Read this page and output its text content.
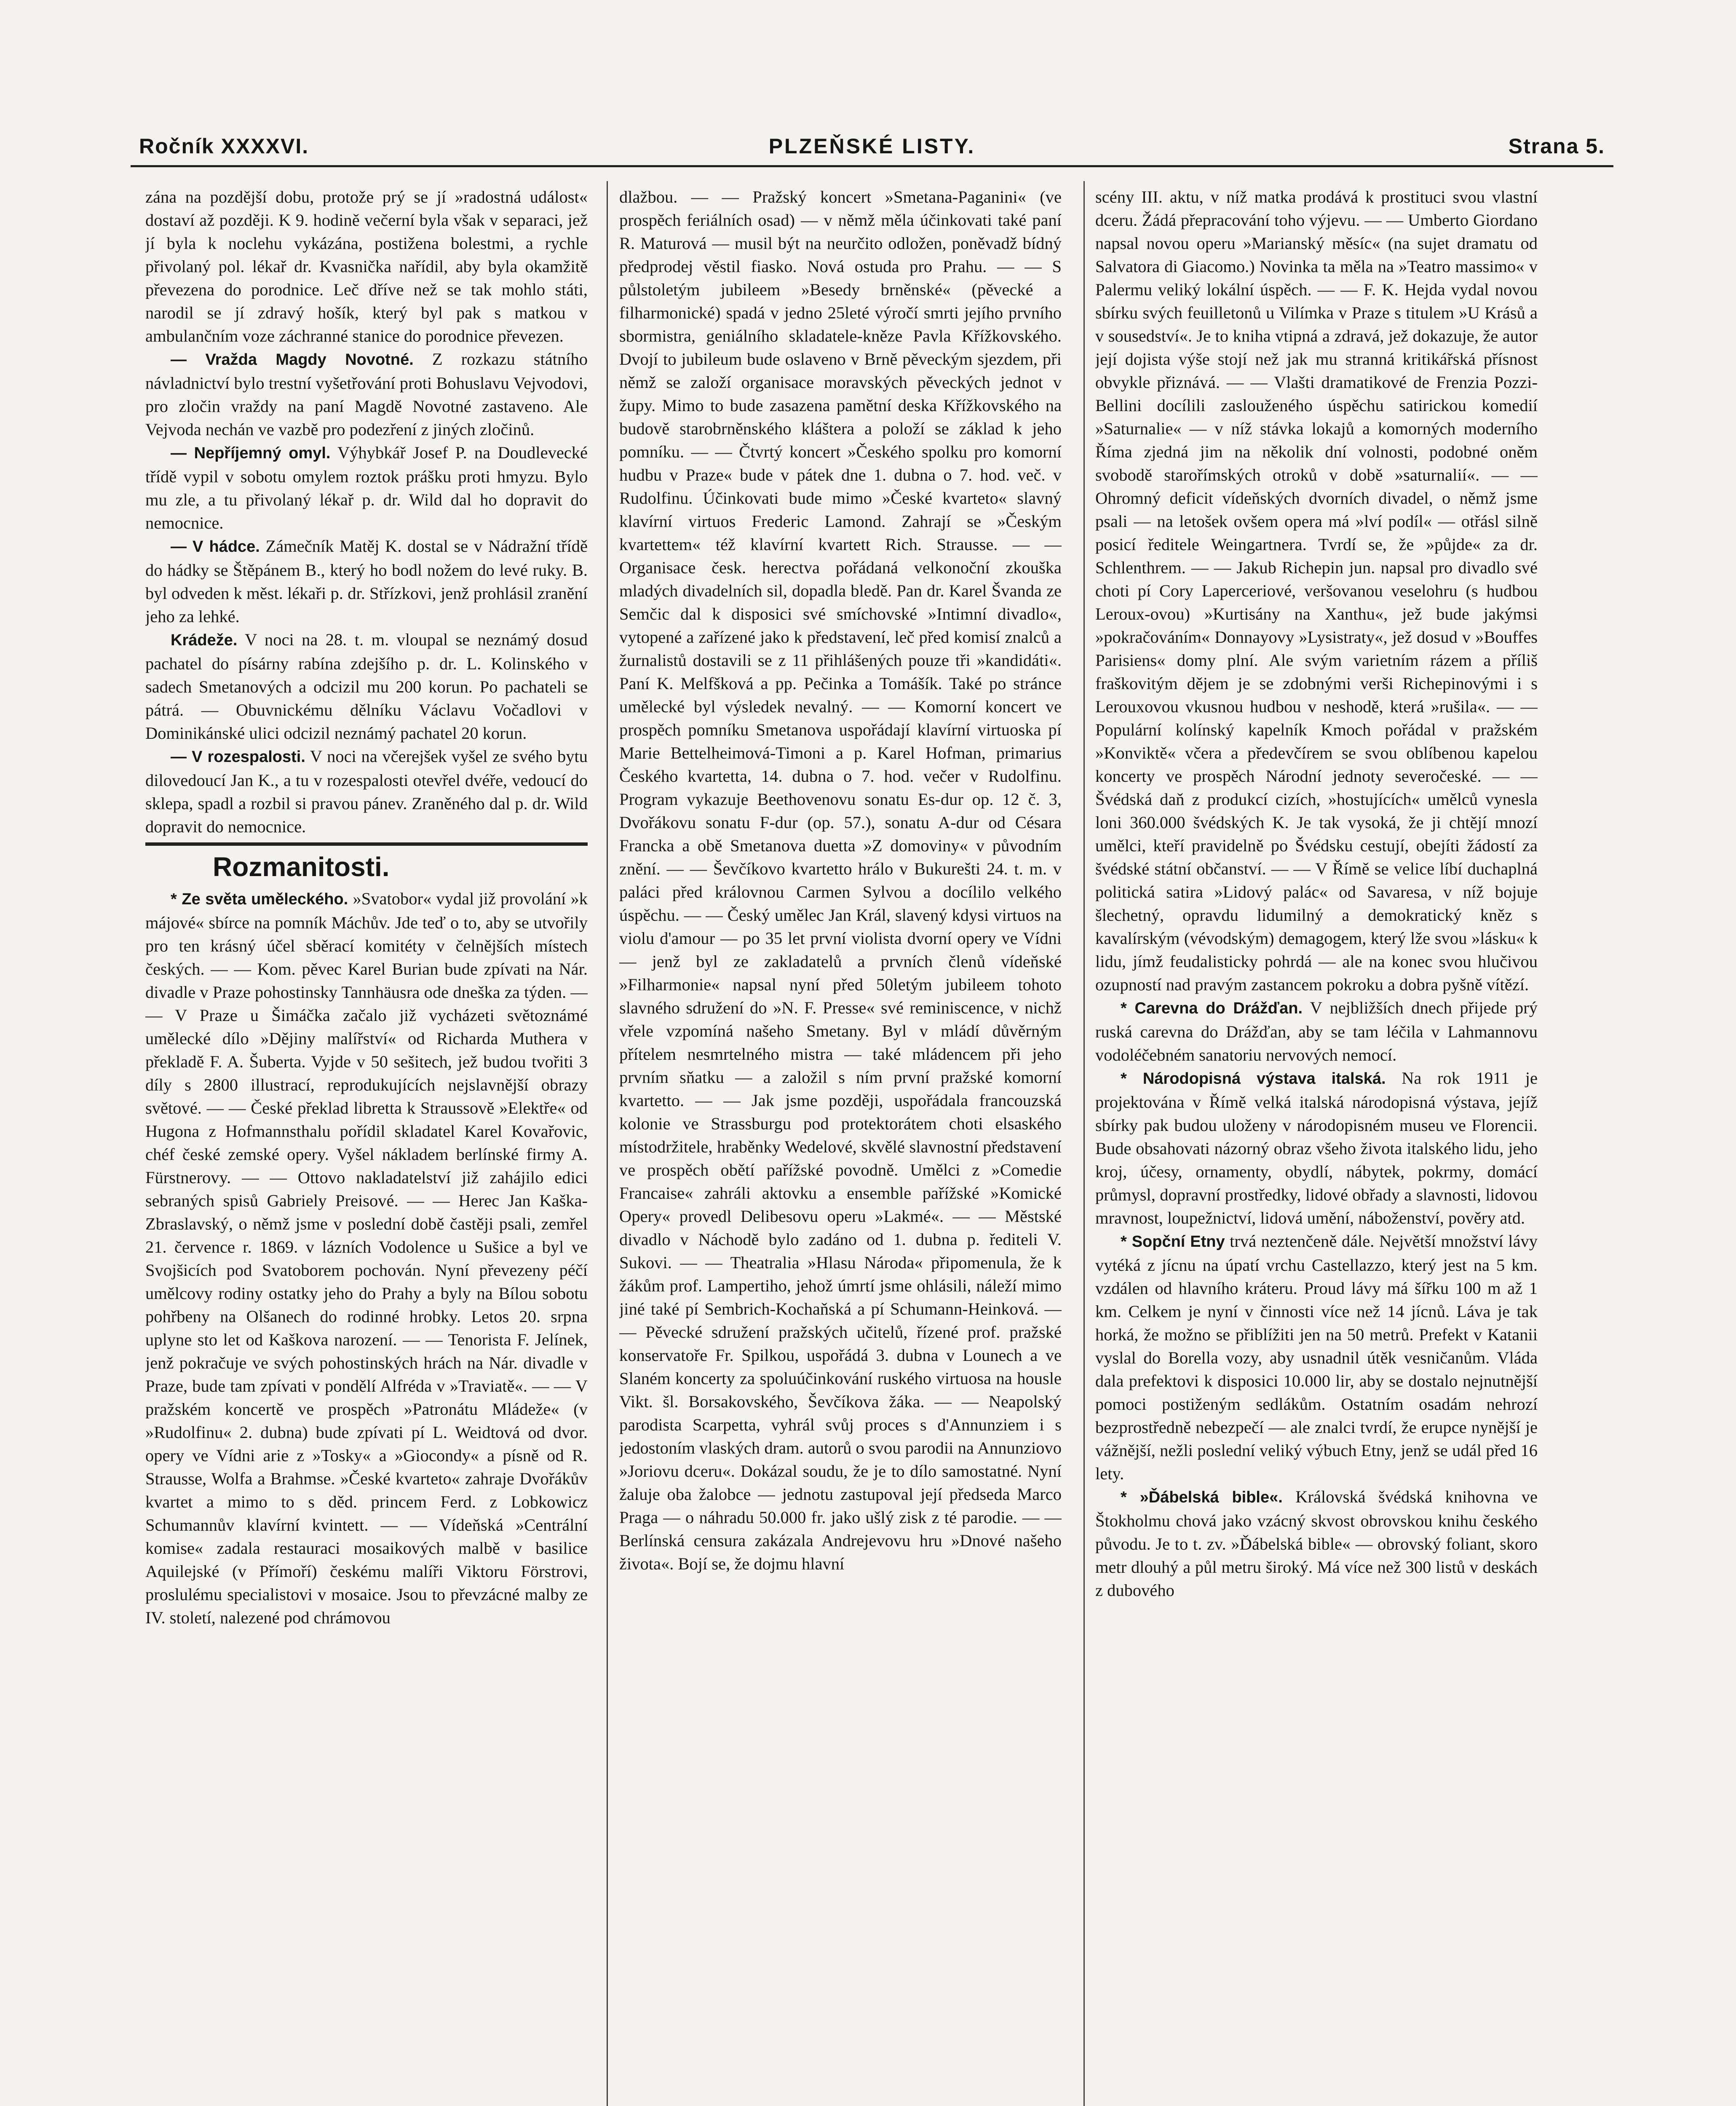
Ročník XXXXVI.	PLZEŇSKÉ LISTY.	Strana 5.

zána na pozdější dobu, protože prý se jí »radostná událost« dostaví až později. K 9. hodině večerní byla však v separaci, jež jí byla k noclehu vykázána, postižena bolestmi, a rychle přivolaný pol. lékař dr. Kvasnička nařídil, aby byla okamžitě převezena do porodnice. Leč dříve než se tak mohlo státi, narodil se jí zdravý hošík, který byl pak s matkou v ambulančním voze záchranné stanice do porodnice převezen.

— Vražda Magdy Novotné. Z rozkazu státního návladnictví bylo trestní vyšetřování proti Bohuslavu Vejvodovi, pro zločin vraždy na paní Magdě Novotné zastaveno. Ale Vejvoda nechán ve vazbě pro podezření z jiných zločinů.

— Nepříjemný omyl. Výhybkář Josef P. na Doudlevecké třídě vypil v sobotu omylem roztok prášku proti hmyzu. Bylo mu zle, a tu přivolaný lékař p. dr. Wild dal ho dopravit do nemocnice.

— V hádce. Zámečník Matěj K. dostal se v Nádražní třídě do hádky se Štěpánem B., který ho bodl nožem do levé ruky. B. byl odveden k měst. lékaři p. dr. Střízkovi, jenž prohlásil zranění jeho za lehké.

Krádeže. V noci na 28. t. m. vloupal se neznámý dosud pachatel do písárny rabína zdejšího p. dr. L. Kolinského v sadech Smetanových a odcizil mu 200 korun. Po pachateli se pátrá. — Obuvnickému dělníku Václavu Vočadlovi v Dominikánské ulici odcizil neznámý pachatel 20 korun.

— V rozespalosti. V noci na včerejšek vyšel ze svého bytu dilovedoucí Jan K., a tu v rozespalosti otevřel dvéře, vedoucí do sklepa, spadl a rozbil si pravou pánev. Zraněného dal p. dr. Wild dopravit do nemocnice.

Rozmanitosti.

* Ze světa uměleckého. »Svatobor« vydal již provolání »k májové« sbírce na pomník Máchův. Jde teď o to, aby se utvořily pro ten krásný účel sběrací komitéty v čelnějších místech českých. — — Kom. pěvec Karel Burian bude zpívati na Nár. divadle v Praze pohostinsky Tannhäusra ode dneška za týden. — — V Praze u Šimáčka začalo již vycházeti světoznámé umělecké dílo »Dějiny malířství« od Richarda Muthera v překladě F. A. Šuberta. Vyjde v 50 sešitech, jež budou tvořiti 3 díly s 2800 illustrací, reprodukujících nejslavnější obrazy světové. — — České překlad libretta k Straussově »Elektře« od Hugona z Hofmannsthalu pořídil skladatel Karel Kovařovic, chéf české zemské opery. Vyšel nákladem berlínské firmy A. Fürstnerovy. — — Ottovo nakladatelství již zahájilo edici sebraných spisů Gabriely Preisové. — — Herec Jan Kaška-Zbraslavský, o němž jsme v poslední době častěji psali, zemřel 21. července r. 1869. v lázních Vodolence u Sušice a byl ve Svojšicích pod Svatoborem pochován. Nyní převezeny péčí umělcovy rodiny ostatky jeho do Prahy a byly na Bílou sobotu pohřbeny na Olšanech do rodinné hrobky. Letos 20. srpna uplyne sto let od Kaškova narození. — — Tenorista F. Jelínek, jenž pokračuje ve svých pohostinských hrách na Nár. divadle v Praze, bude tam zpívati v pondělí Alfréda v »Traviatě«. — — V pražském koncertě ve prospěch »Patronátu Mládeže« (v »Rudolfinu« 2. dubna) bude zpívati pí L. Weidtová od dvor. opery ve Vídni arie z »Tosky« a »Giocondy« a písně od R. Strausse, Wolfa a Brahmse. »České kvarteto« zahraje Dvořákův kvartet a mimo to s děd. princem Ferd. z Lobkowicz Schumannův klavírní kvintett. — — Vídeňská »Centrální komise« zadala restauraci mosaikových malbě v basilice Aquilejské (v Přímoří) českému malíři Viktoru Förstrovi, proslulému specialistovi v mosaice. Jsou to převzácné malby ze IV. století, nalezené pod chrámovou

dlažbou. — — Pražský koncert »Smetana-Paganini« (ve prospěch feriálních osad) — v němž měla účinkovati také paní R. Maturová — musil být na neurčito odložen, poněvadž bídný předprodej věstil fiasko. Nová ostuda pro Prahu. — — S půlstoletým jubileem »Besedy brněnské« (pěvecké a filharmonické) spadá v jedno 25leté výročí smrti jejího prvního sbormistra, geniálního skladatele-kněze Pavla Křížkovského. Dvojí to jubileum bude oslaveno v Brně pěveckým sjezdem, při němž se založí organisace moravských pěveckých jednot v župy. Mimo to bude zasazena pamětní deska Křížkovského na budově starobrněnského kláštera a položí se základ k jeho pomníku. — — Čtvrtý koncert »Českého spolku pro komorní hudbu v Praze« bude v pátek dne 1. dubna o 7. hod. več. v Rudolfinu. Účinkovati bude mimo »České kvarteto« slavný klavírní virtuos Frederic Lamond. Zahrají se »Českým kvartettem« též klavírní kvartett Rich. Strausse. — — Organisace česk. herectva pořádaná velkonoční zkouška mladých divadelních sil, dopadla bledě. Pan dr. Karel Švanda ze Semčic dal k disposici své smíchovské »Intimní divadlo«, vytopené a zařízené jako k představení, leč před komisí znalců a žurnalistů dostavili se z 11 přihlášených pouze tři »kandidáti«. Paní K. Melfšková a pp. Pečinka a Tomášík. Také po stránce umělecké byl výsledek nevalný. — — Komorní koncert ve prospěch pomníku Smetanova uspořádají klavírní virtuoska pí Marie Bettelheimová-Timoni a p. Karel Hofman, primarius Českého kvartetta, 14. dubna o 7. hod. večer v Rudolfinu. Program vykazuje Beethovenovu sonatu Es-dur op. 12 č. 3, Dvořákovu sonatu F-dur (op. 57.), sonatu A-dur od Césara Francka a obě Smetanova duetta »Z domoviny« v původním znění. — — Ševčíkovo kvartetto hrálo v Bukurešti 24. t. m. v paláci před královnou Carmen Sylvou a docílilo velkého úspěchu. — — Český umělec Jan Král, slavený kdysi virtuos na violu d'amour — po 35 let první violista dvorní opery ve Vídni — jenž byl ze zakladatelů a prvních členů vídeňské »Filharmonie« napsal nyní před 50letým jubileem tohoto slavného sdružení do »N. F. Presse« své reminiscence, v nichž vřele vzpomíná našeho Smetany. Byl v mládí důvěrným přítelem nesmrtelného mistra — také mládencem při jeho prvním sňatku — a založil s ním první pražské komorní kvartetto. — — Jak jsme později, uspořádala francouzská kolonie ve Strassburgu pod protektorátem choti elsaského místodržitele, hraběnky Wedelové, skvělé slavnostní představení ve prospěch obětí pařížské povodně. Umělci z »Comedie Francaise« zahráli aktovku a ensemble pařížské »Komické Opery« provedl Delibesovu operu »Lakmé«. — — Městské divadlo v Náchodě bylo zadáno od 1. dubna p. řediteli V. Sukovi. — — Theatralia »Hlasu Národa« připomenula, že k žákům prof. Lampertiho, jehož úmrtí jsme ohlásili, náleží mimo jiné také pí Sembrich-Kochaňská a pí Schumann-Heinková. — — Pěvecké sdružení pražských učitelů, řízené prof. pražské konservatoře Fr. Spilkou, uspořádá 3. dubna v Lounech a ve Slaném koncerty za spoluúčinkování ruského virtuosa na housle Vikt. šl. Borsakovského, Ševčíkova žáka. — — Neapolský parodista Scarpetta, vyhrál svůj proces s d'Annunziem i s jedostoním vlaských dram. autorů o svou parodii na Annunziovo »Joriovu dceru«. Dokázal soudu, že je to dílo samostatné. Nyní žaluje oba žalobce — jednotu zastupoval její předseda Marco Praga — o náhradu 50.000 fr. jako ušlý zisk z té parodie. — — Berlínská censura zakázala Andrejevovu hru »Dnové našeho života«. Bojí se, že dojmu hlavní

scény III. aktu, v níž matka prodává k prostituci svou vlastní dceru. Žádá přepracování toho výjevu. — — Umberto Giordano napsal novou operu »Marianský měsíc« (na sujet dramatu od Salvatora di Giacomo.) Novinka ta měla na »Teatro massimo« v Palermu veliký lokální úspěch. — — F. K. Hejda vydal novou sbírku svých feuilletonů u Vilímka v Praze s titulem »U Krásů a v sousedství«. Je to kniha vtipná a zdravá, jež dokazuje, že autor její dojista výše stojí než jak mu stranná kritikářská přísnost obvykle přiznává. — — Vlašti dramatikové de Frenzia Pozzi-Bellini docílili zaslouženého úspěchu satirickou komedií »Saturnalie« — v níž stávka lokajů a komorných moderního Říma zjedná jim na několik dní volnosti, podobné oněm svobodě starořímských otroků v době »saturnalií«. — — Ohromný deficit vídeňských dvorních divadel, o němž jsme psali — na letošek ovšem opera má »lví podíl« — otřásl silně posicí ředitele Weingartnera. Tvrdí se, že »půjde« za dr. Schlenthrem. — — Jakub Richepin jun. napsal pro divadlo své choti pí Cory Laperceriové, veršovanou veselohru (s hudbou Leroux-ovou) »Kurtisány na Xanthu«, jež bude jakýmsi »pokračováním« Donnayovy »Lysistraty«, jež dosud v »Bouffes Parisiens« domy plní. Ale svým varietním rázem a příliš fraškovitým dějem je se zdobnými verši Richepinovými i s Lerouxovou vkusnou hudbou v neshodě, která »rušila«. — — Populární kolínský kapelník Kmoch pořádal v pražském »Konviktě« včera a předevčírem se svou oblíbenou kapelou koncerty ve prospěch Národní jednoty severočeské. — — Švédská daň z produkcí cizích, »hostujících« umělců vynesla loni 360.000 švédských K. Je tak vysoká, že ji chtějí mnozí umělci, kteří pravidelně po Švédsku cestují, obejíti žádostí za švédské státní občanství. — — V Římě se velice líbí duchaplná politická satira »Lidový palác« od Savaresa, v níž bojuje šlechetný, opravdu lidumilný a demokratický kněz s kavalírským (vévodským) demagogem, který lže svou »lásku« k lidu, jímž feudalisticky pohrdá — ale na konec svou hlučivou ozupností nad pravým zastancem pokroku a dobra pyšně vítězí.

* Carevna do Drážďan. V nejbližších dnech přijede prý ruská carevna do Drážďan, aby se tam léčila v Lahmannovu vodoléčebném sanatoriu nervových nemocí.

* Národopisná výstava italská. Na rok 1911 je projektována v Římě velká italská národopisná výstava, jejíž sbírky pak budou uloženy v národopisném museu ve Florencii. Bude obsahovati názorný obraz všeho života italského lidu, jeho kroj, účesy, ornamenty, obydlí, nábytek, pokrmy, domácí průmysl, dopravní prostředky, lidové obřady a slavnosti, lidovou mravnost, loupežnictví, lidová umění, náboženství, pověry atd.

* Sopční Etny trvá neztenčeně dále. Největší množství lávy vytéká z jícnu na úpatí vrchu Castellazzo, který jest na 5 km. vzdálen od hlavního kráteru. Proud lávy má šířku 100 m až 1 km. Celkem je nyní v činnosti více než 14 jícnů. Láva je tak horká, že možno se přiblížiti jen na 50 metrů. Prefekt v Katanii vyslal do Borella vozy, aby usnadnil útěk vesničanům. Vláda dala prefektovi k disposici 10.000 lir, aby se dostalo nejnutnější pomoci postiženým sedlákům. Ostatním osadám nehrozí bezprostředně nebezpečí — ale znalci tvrdí, že erupce nynější je vážnější, nežli poslední veliký výbuch Etny, jenž se udál před 16 lety.

* »Ďábelská bible«. Královská švédská knihovna ve Štokholmu chová jako vzácný skvost obrovskou knihu českého původu. Je to t. zv. »Ďábelská bible« — obrovský foliant, skoro metr dlouhý a půl metru široký. Má více než 300 listů v deskách z dubového
